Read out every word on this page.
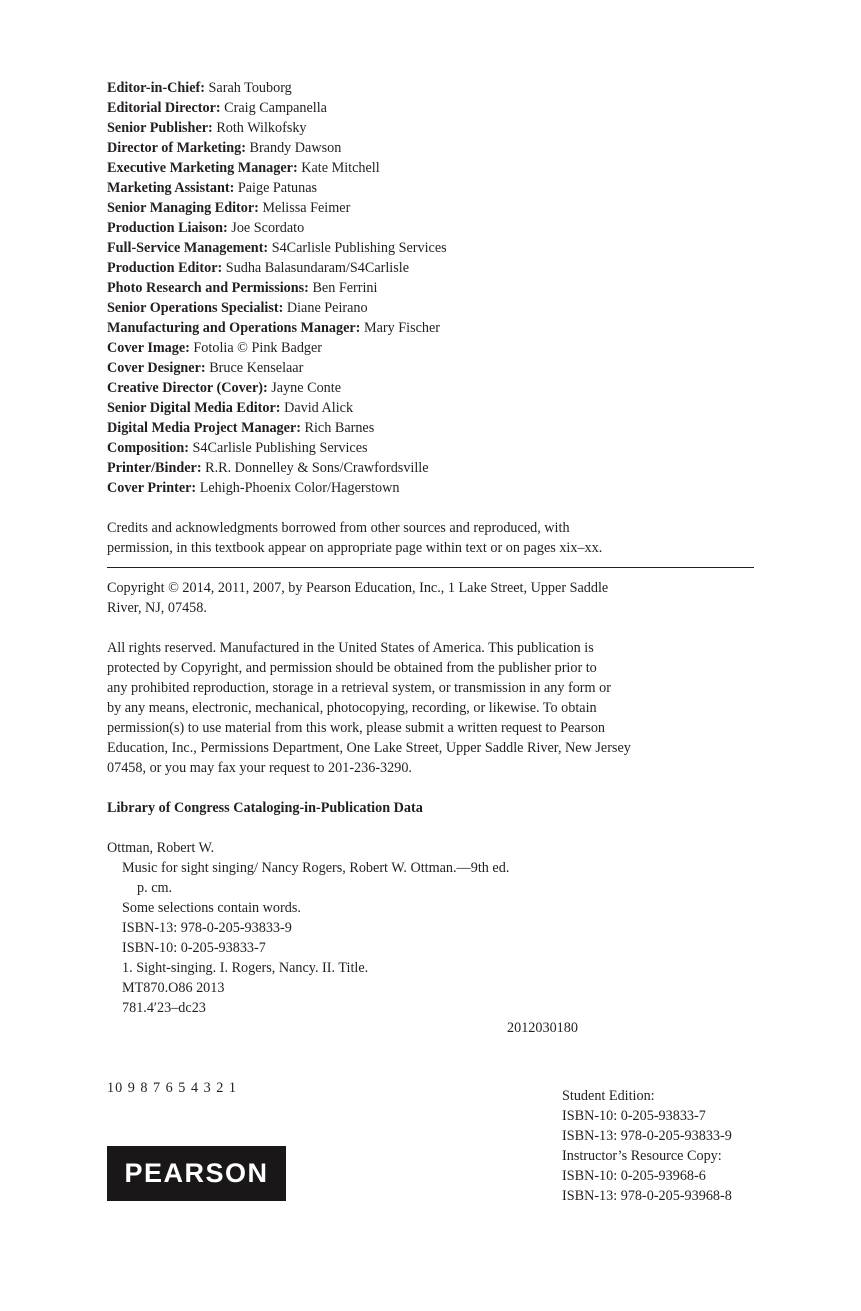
Editor-in-Chief: Sarah Touborg
Editorial Director: Craig Campanella
Senior Publisher: Roth Wilkofsky
Director of Marketing: Brandy Dawson
Executive Marketing Manager: Kate Mitchell
Marketing Assistant: Paige Patunas
Senior Managing Editor: Melissa Feimer
Production Liaison: Joe Scordato
Full-Service Management: S4Carlisle Publishing Services
Production Editor: Sudha Balasundaram/S4Carlisle
Photo Research and Permissions: Ben Ferrini
Senior Operations Specialist: Diane Peirano
Manufacturing and Operations Manager: Mary Fischer
Cover Image: Fotolia © Pink Badger
Cover Designer: Bruce Kenselaar
Creative Director (Cover): Jayne Conte
Senior Digital Media Editor: David Alick
Digital Media Project Manager: Rich Barnes
Composition: S4Carlisle Publishing Services
Printer/Binder: R.R. Donnelley & Sons/Crawfordsville
Cover Printer: Lehigh-Phoenix Color/Hagerstown
Credits and acknowledgments borrowed from other sources and reproduced, with
permission, in this textbook appear on appropriate page within text or on pages xix–xx.
Copyright © 2014, 2011, 2007, by Pearson Education, Inc., 1 Lake Street, Upper Saddle
River, NJ, 07458.
All rights reserved. Manufactured in the United States of America. This publication is
protected by Copyright, and permission should be obtained from the publisher prior to
any prohibited reproduction, storage in a retrieval system, or transmission in any form or
by any means, electronic, mechanical, photocopying, recording, or likewise. To obtain
permission(s) to use material from this work, please submit a written request to Pearson
Education, Inc., Permissions Department, One Lake Street, Upper Saddle River, New Jersey
07458, or you may fax your request to 201-236-3290.
Library of Congress Cataloging-in-Publication Data
Ottman, Robert W.
Music for sight singing/ Nancy Rogers, Robert W. Ottman.—9th ed.
p. cm.
Some selections contain words.
ISBN-13: 978-0-205-93833-9
ISBN-10: 0-205-93833-7
1. Sight-singing. I. Rogers, Nancy. II. Title.
MT870.O86 2013
781.4′23–dc23
2012030180
10 9 8 7 6 5 4 3 2 1
PEARSON
Student Edition:
ISBN-10: 0-205-93833-7
ISBN-13: 978-0-205-93833-9
Instructor’s Resource Copy:
ISBN-10: 0-205-93968-6
ISBN-13: 978-0-205-93968-8
